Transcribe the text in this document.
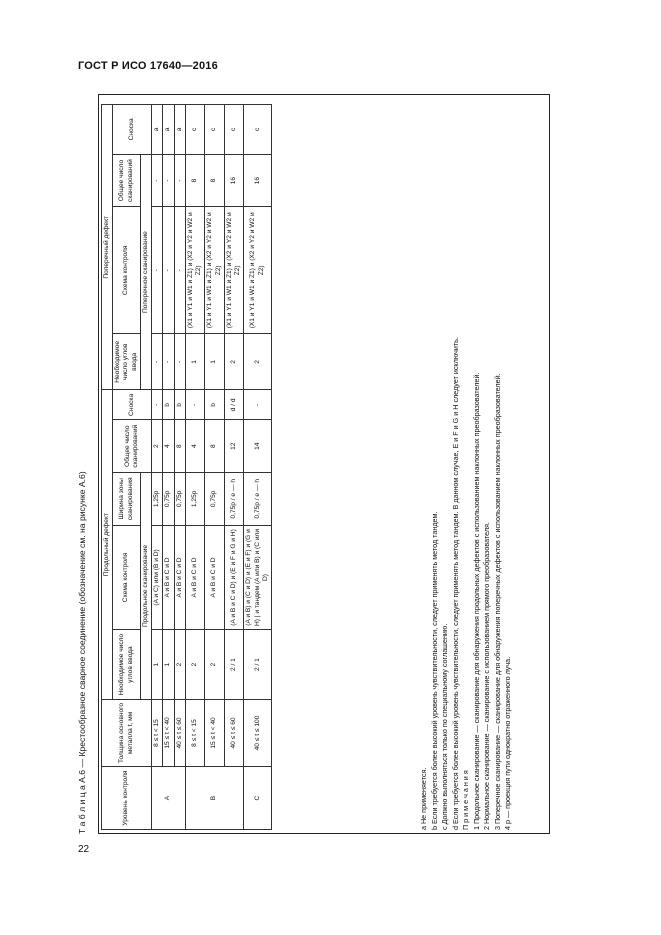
ГОСТ Р ИСО 17640—2016
Т а б л и ц а А.6 — Крестообразное сварное соединение (обозначение см. на рисунке А.6)	Уровень контроля	Толщина основного металла t, мм	Продольный дефект					Поперечный дефект			
		Необходимое число углов ввода	Схема контроля	Ширина зоны сканирования	Общее число сканирований	Сноска	Необходимое число углов ввода	Схема контроля	Общее число сканирований	Сноска
		Продольное сканирование					Поперечное сканирование			
A	8 ≤ t < 15	1	(A и C) или (B и D)	1,25p	2	-	-	-	-	a
	15 ≤ t < 40	1	A и B и C и D	0,75p	4	b	-	-	-	a
	40 ≤ t ≤ 60	2	A и B и C и D	0,75p	8	b	-	-	-	a
B	8 ≤ t < 15	2	A и B и C и D	1,25p	4	-	1	(X1 и Y1 и W1 и Z1) и (X2 и Y2 и W2 и Z2)	8	c
	15 ≤ t < 40	2	A и B и C и D	0,75p	8	b	1	(X1 и Y1 и W1 и Z1) и (X2 и Y2 и W2 и Z2)	8	c
	40 ≤ t ≤ 60	2 / 1	(A и B и C и D) и (E и F и G и H)	0,75p / e — h	12	d / d	2	(X1 и Y1 и W1 и Z1) и (X2 и Y2 и W2 и Z2)	16	c
C	40 ≤ t ≤ 100	2 / 1	(A и B) и (C и D) и (E и F) и (G и H) | и тандем (A или B) и (C или D)	0,75p / e — h	14	-	2	(X1 и Y1 и W1 и Z1) и (X2 и Y2 и W2 и Z2)	16	c
a Не применяется. b Если требуется более высокий уровень чувствительности, следует применять метод тандем. c Должно выполняться только по специальному соглашению. d Если требуется более высокий уровень чувствительности, следует применять метод тандем. В данном случае, E и F и G и H следует исключить. П р и м е ч а н и я 1 Продольное сканирование — сканирование для обнаружения продольных дефектов с использованием наклонных преобразователей. 2 Нормальное сканирование — сканирование с использованием прямого преобразователя. 3 Поперечное сканирование — сканирование для обнаружения поперечных дефектов с использованием наклонных преобразователей. 4 p — проекция пути однократно отраженного луча.
22
